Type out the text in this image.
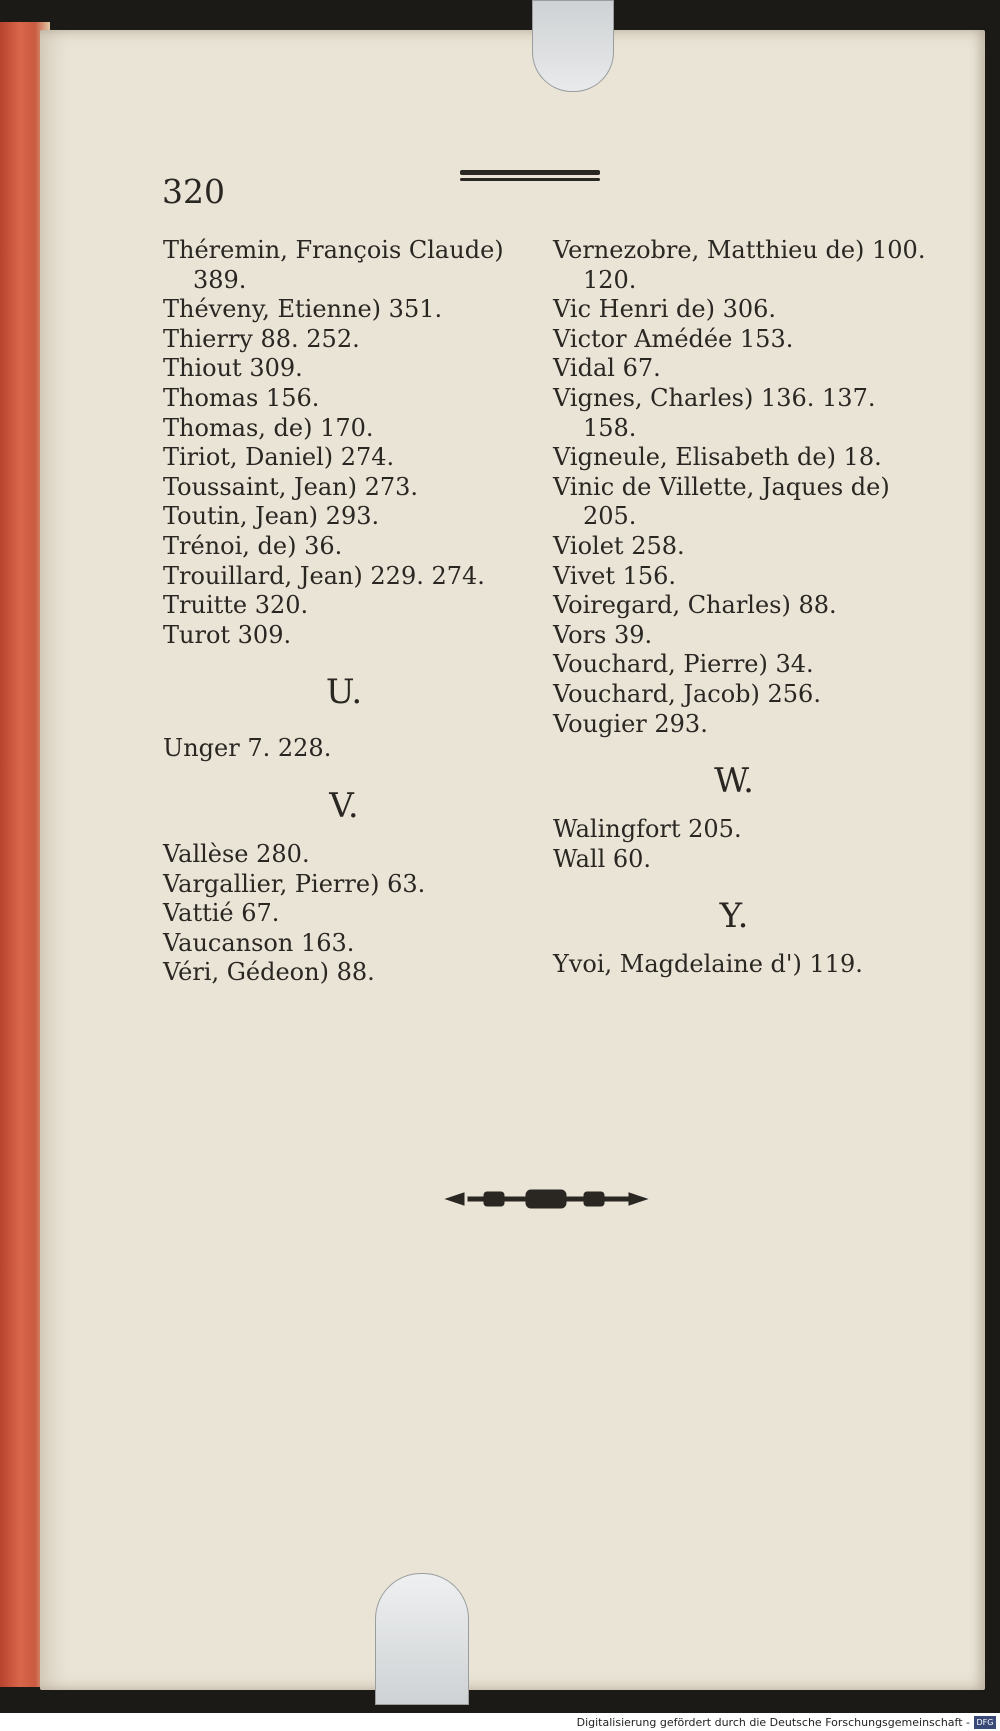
320
Théremin, François Claude)
389.
Théveny, Etienne) 351.
Thierry 88. 252.
Thiout 309.
Thomas 156.
Thomas, de) 170.
Tiriot, Daniel) 274.
Toussaint, Jean) 273.
Toutin, Jean) 293.
Trénoi, de) 36.
Trouillard, Jean) 229. 274.
Truitte 320.
Turot 309.
U.
Unger 7. 228.
V.
Vallèse 280.
Vargallier, Pierre) 63.
Vattié 67.
Vaucanson 163.
Véri, Gédeon) 88.
Vernezobre, Matthieu de) 100.
120.
Vic Henri de) 306.
Victor Amédée 153.
Vidal 67.
Vignes, Charles) 136. 137.
158.
Vigneule, Elisabeth de) 18.
Vinic de Villette, Jaques de)
205.
Violet 258.
Vivet 156.
Voiregard, Charles) 88.
Vors 39.
Vouchard, Pierre) 34.
Vouchard, Jacob) 256.
Vougier 293.
W.
Walingfort 205.
Wall 60.
Y.
Yvoi, Magdelaine d') 119.
Digitalisierung gefördert durch die Deutsche Forschungsgemeinschaft - DFG
